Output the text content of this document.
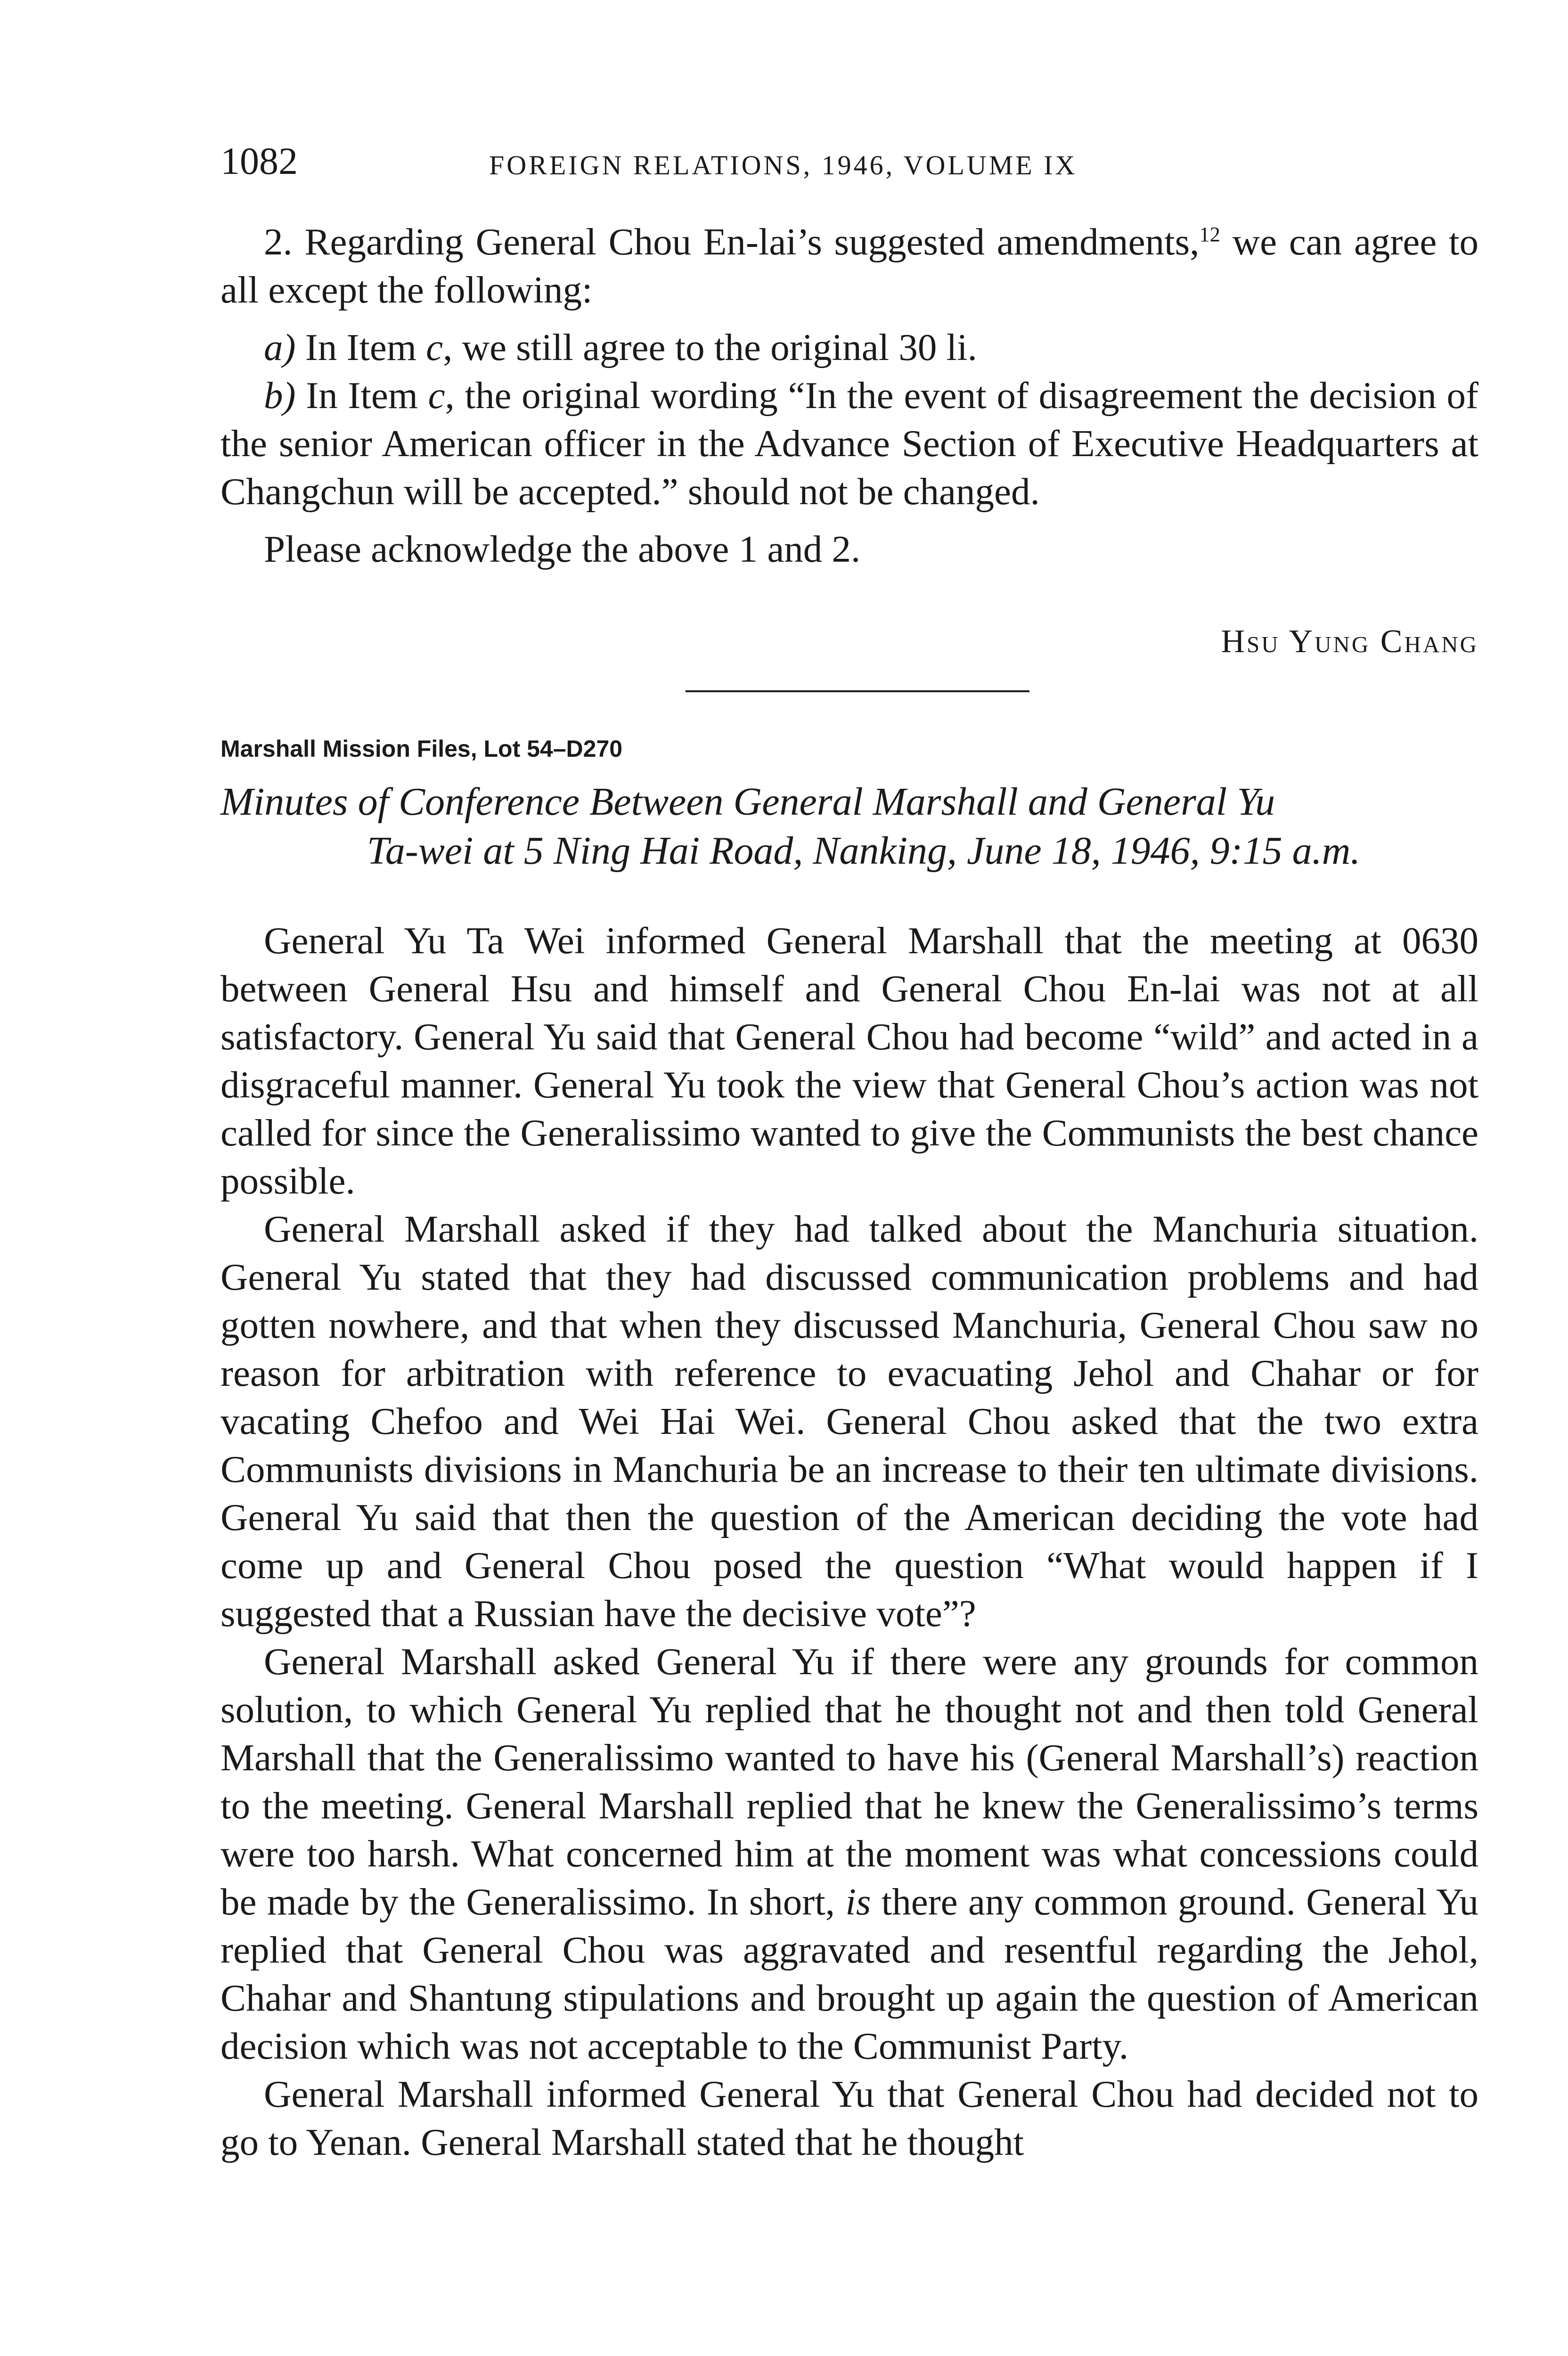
1082	FOREIGN RELATIONS, 1946, VOLUME IX

2. Regarding General Chou En-lai’s suggested amendments,$^{12}$ we can agree to all except the following:

a) In Item c, we still agree to the original 30 li.

b) In Item c, the original wording “In the event of disagreement the decision of the senior American officer in the Advance Section of Executive Headquarters at Changchun will be accepted.” should not be changed.

Please acknowledge the above 1 and 2.

Hsu Yung Chang
Marshall Mission Files, Lot 54–D270
Minutes of Conference Between General Marshall and General Yu
Ta-wei at 5 Ning Hai Road, Nanking, June 18, 1946, 9:15 a.m.

General Yu Ta Wei informed General Marshall that the meeting at 0630 between General Hsu and himself and General Chou En-lai was not at all satisfactory. General Yu said that General Chou had become “wild” and acted in a disgraceful manner. General Yu took the view that General Chou’s action was not called for since the Generalissimo wanted to give the Communists the best chance possible.

General Marshall asked if they had talked about the Manchuria situation. General Yu stated that they had discussed communication problems and had gotten nowhere, and that when they discussed Manchuria, General Chou saw no reason for arbitration with reference to evacuating Jehol and Chahar or for vacating Chefoo and Wei Hai Wei. General Chou asked that the two extra Communists divisions in Manchuria be an increase to their ten ultimate divisions. General Yu said that then the question of the American deciding the vote had come up and General Chou posed the question “What would happen if I suggested that a Russian have the decisive vote”?

General Marshall asked General Yu if there were any grounds for common solution, to which General Yu replied that he thought not and then told General Marshall that the Generalissimo wanted to have his (General Marshall’s) reaction to the meeting. General Marshall replied that he knew the Generalissimo’s terms were too harsh. What concerned him at the moment was what concessions could be made by the Generalissimo. In short, is there any common ground. General Yu replied that General Chou was aggravated and resentful regarding the Jehol, Chahar and Shantung stipulations and brought up again the question of American decision which was not acceptable to the Communist Party.

General Marshall informed General Yu that General Chou had decided not to go to Yenan. General Marshall stated that he thought
